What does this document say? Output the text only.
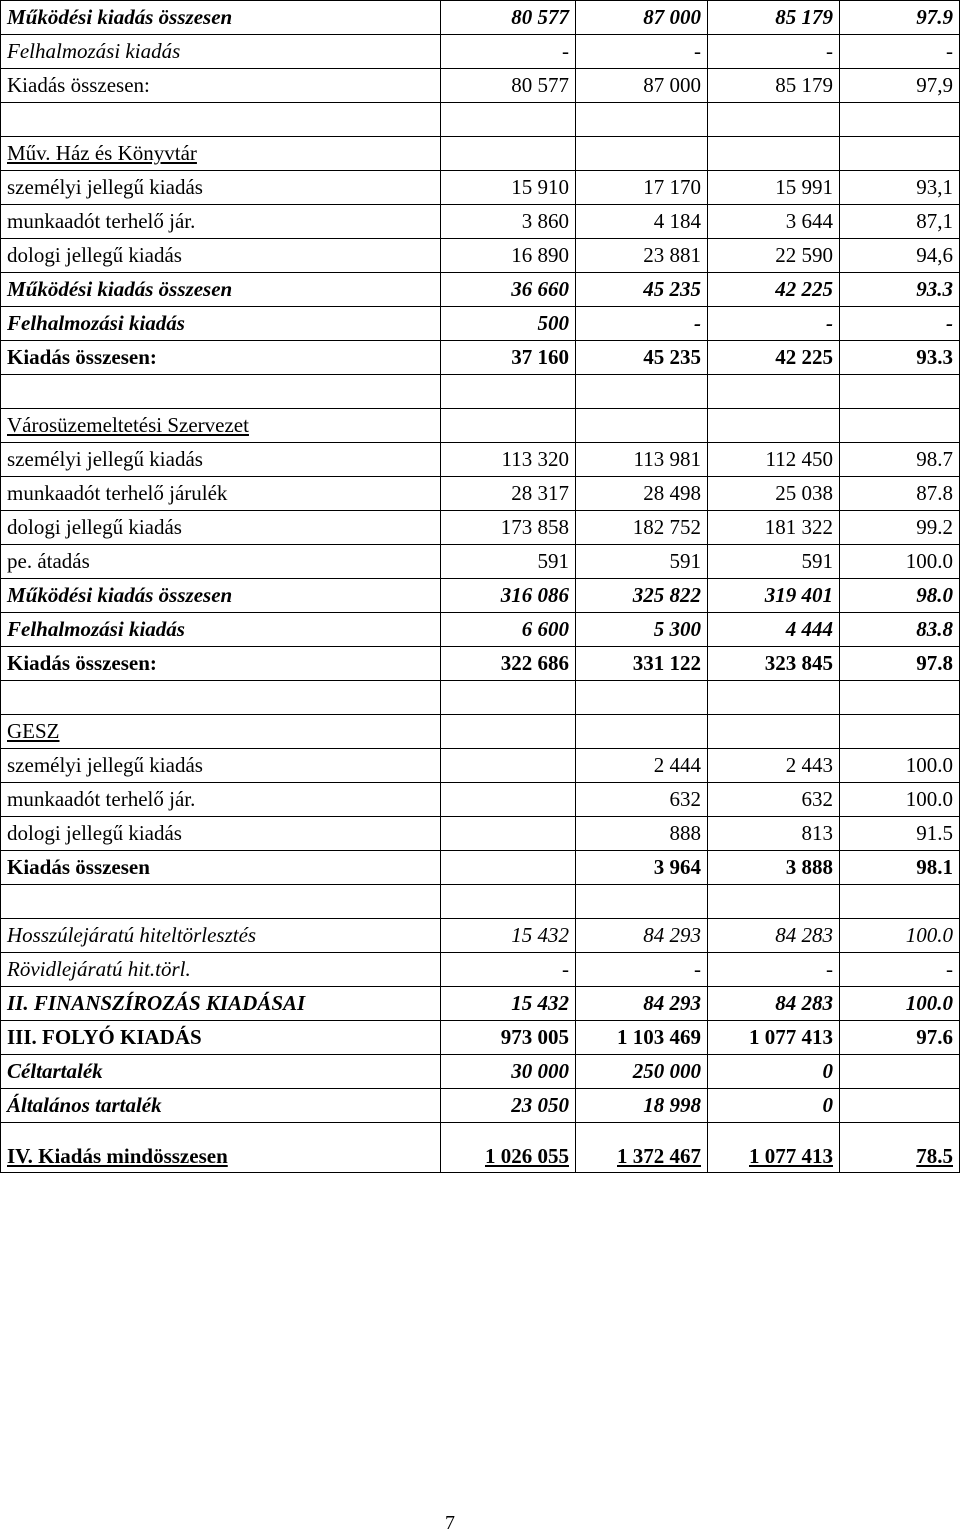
Működési kiadás összesen	80 577	87 000	85 179	97.9
Felhalmozási kiadás	-	-	-	-
Kiadás összesen:	80 577	87 000	85 179	97,9

Műv. Ház és Könyvtár				
személyi jellegű kiadás	15 910	17 170	15 991	93,1
munkaadót terhelő jár.	3 860	4 184	3 644	87,1
dologi jellegű kiadás	16 890	23 881	22 590	94,6
Működési kiadás összesen	36 660	45 235	42 225	93.3
Felhalmozási kiadás	500	-	-	-
Kiadás összesen:	37 160	45 235	42 225	93.3

Városüzemeltetési Szervezet				
személyi jellegű kiadás	113 320	113 981	112 450	98.7
munkaadót terhelő járulék	28 317	28 498	25 038	87.8
dologi jellegű kiadás	173 858	182 752	181 322	99.2
pe. átadás	591	591	591	100.0
Működési kiadás összesen	316 086	325 822	319 401	98.0
Felhalmozási kiadás	6 600	5 300	4 444	83.8
Kiadás összesen:	322 686	331 122	323 845	97.8

GESZ				
személyi jellegű kiadás		2 444	2 443	100.0
munkaadót terhelő jár.		632	632	100.0
dologi jellegű kiadás		888	813	91.5
Kiadás összesen		3 964	3 888	98.1

Hosszúlejáratú hiteltörlesztés	15 432	84 293	84 283	100.0
Rövidlejáratú hit.törl.	-	-	-	-
II. FINANSZÍROZÁS KIADÁSAI	15 432	84 293	84 283	100.0
III. FOLYÓ KIADÁS	973 005	1 103 469	1 077 413	97.6
Céltartalék	30 000	250 000	0	
Általános tartalék	23 050	18 998	0	
IV. Kiadás mindösszesen	1 026 055	1 372 467	1 077 413	78.5
7
